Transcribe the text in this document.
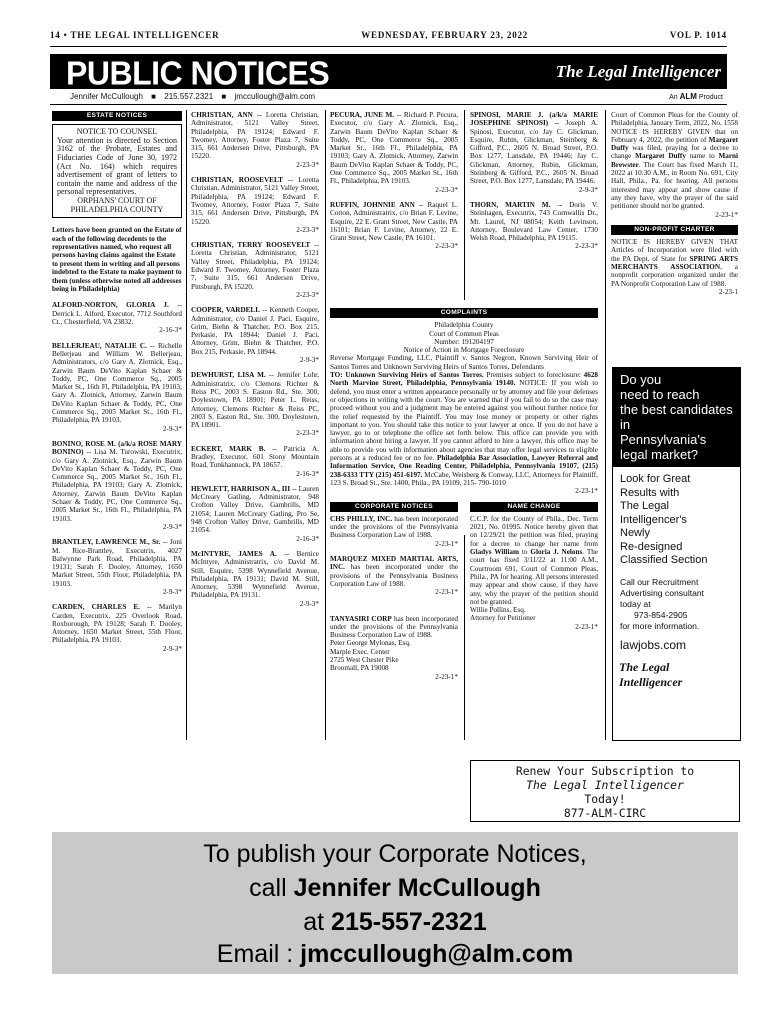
14 • THE LEGAL INTELLIGENCER	WEDNESDAY, FEBRUARY 23, 2022	VOL P. 1014
PUBLIC NOTICES	The Legal Intelligencer
Jennifer McCullough ■ 215.557.2321 ■ jmccullough@alm.com	An ALM Product
ESTATE NOTICES

NOTICE TO COUNSEL

Your attention is directed to Section 3162 of the Probate, Estates and Fiduciaries Code of June 30, 1972 (Act No. 164) which requires advertisement of grant of letters to contain the name and address of the personal representatives.

ORPHANS' COURT OF

PHILADELPHIA COUNTY

Letters have been granted on the Estate of each of the following decedents to the representatives named, who request all persons having claims against the Estate to present them in writing and all persons indebted to the Estate to make payment to them (unless otherwise noted all addresses being in Philadelphia)
ALFORD-NORTON, GLORIA J. -- Derrick L. Alford, Executor, 7712 Southford Ct., Chesterfield, VA 23832.
2-16-3*
BELLERJEAU, NATALIE C. -- Richelle Bellerjeau and William W. Bellerjeau, Administrators, c/o Gary A. Zlotnick, Esq., Zarwin Baum DeVito Kaplan Schaer & Toddy, PC, One Commerce Sq., 2005 Market St., 16th Fl, Philadelphia, PA 19103; Gary A. Zlotnick, Attorney, Zarwin Baum DeVito Kaplan Schaer & Toddy, PC, One Commerce Sq., 2005 Market St., 16th Fl., Philadelphia, PA 19103.
2-9-3*
BONINO, ROSE M. (a/k/a ROSE MARY BONINO) -- Lisa M. Turowski, Executrix, c/o Gary A. Zlotnick, Esq., Zarwin Baum DeVito Kaplan Schaer & Toddy, PC, One Commerce Sq., 2005 Market St., 16th Fl., Philadelphia, PA 19103; Gary A. Zlotnick, Attorney, Zarwin Baum DeVito Kaplan Schaer & Toddy, PC, One Commerce Sq., 2005 Market St., 16th Fl., Philadelphia, PA 19103.
2-9-3*
BRANTLEY, LAWRENCE M., Sr. -- Joni M. Rice-Brantley, Executrix, 4027 Balwynne Park Road, Philadelphia, PA 19131; Sarah F. Dooley, Attorney, 1650 Market Street, 55th Floor, Philadelphia, PA 19103.
2-9-3*
CARDEN, CHARLES E. -- Marilyn Carden, Executrix, 225 Overlook Road, Roxborough, PA 19128; Sarah F. Dooley, Attorney, 1650 Market Street, 55th Floor, Philadelphia, PA 19103.
2-9-3*
CHRISTIAN, ANN -- Loretta Christian, Administrator, 5121 Valley Street, Philadelphia, PA 19124; Edward F. Twomey, Attorney, Foster Plaza 7, Suite 315, 661 Andersen Drive, Pittsburgh, PA 15220.
2-23-3*
CHRISTIAN, ROOSEVELT -- Loretta Christian, Administrator, 5121 Valley Street, Philadelphia, PA 19124; Edward F. Twomey, Attorney, Foster Plaza 7, Suite 315, 661 Andersen Drive, Pittsburgh, PA 15220.
2-23-3*
CHRISTIAN, TERRY ROOSEVELT -- Loretta Christian, Administrator, 5121 Valley Street, Philadelphia, PA 19124; Edward F. Twomey, Attorney, Foster Plaza 7, Suite 315, 661 Andersen Drive, Pittsburgh, PA 15220.
2-23-3*
COOPER, VARDELL -- Kenneth Cooper, Administrator, c/o Daniel J. Paci, Esquire, Grim, Biehn & Thatcher, P.O. Box 215, Perkasie, PA 18944; Daniel J. Paci, Attorney, Grim, Biehn & Thatcher, P.O. Box 215, Perkasie, PA 18944.
2-9-3*
DEWHURST, LISA M. -- Jennifer Lohr, Administratrix, c/o Clemons Richter & Reiss PC, 2003 S. Easton Rd., Ste. 300, Doylestown, PA 18901; Peter L. Reiss, Attorney, Clemons Richter & Reiss PC, 2003 S. Easton Rd., Ste. 300, Doylestown, PA 18901.
2-23-3*
ECKERT, MARK B. -- Patricia A. Bradley, Executor, 601 Stony Mountain Road, Tunkhannock, PA 18657.
2-16-3*
HEWLETT, HARRISON A., III -- Lauren McCreary Gatling, Administrator, 948 Crofton Valley Drive, Gambrills, MD 21054; Lauren McCreary Gatling, Pro Se, 948 Crofton Valley Drive, Gambrills, MD 21054.
2-16-3*
McINTYRE, JAMES A. -- Bernice McIntyre, Administratrix, c/o David M. Still, Esquire, 5398 Wynnefield Avenue, Philadelphia, PA 19131; David M. Still, Attorney, 5398 Wynnefield Avenue, Philadelphia, PA 19131.
2-9-3*
PECURA, JUNE M. -- Richard P. Pecura, Executor, c/o Gary A. Zlotnick, Esq., Zarwin Baum DeVito Kaplan Schaer & Toddy, PC, One Commerce Sq., 2005 Market St., 16th Fl., Philadelphia, PA 19103; Gary A. Zlotnick, Attorney, Zarwin Baum DeVito Kaplan Schaer & Toddy, PC, One Commerce Sq., 2005 Market St., 16th Fl., Philadelphia, PA 19103.
2-23-3*
RUFFIN, JOHNNIE ANN -- Raquel L. Cotton, Administratrix, c/o Brian F. Levine, Esquire, 22 E. Grant Street, New Castle, PA 16101; Brian F. Levine, Attorney, 22 E. Grant Street, New Castle, PA 16101.
2-23-3*
SPINOSI, MARIE J. (a/k/a MARIE JOSEPHINE SPINOSI) -- Joseph A. Spinosi, Executor, c/o Jay C. Glickman, Esquire, Rubin, Glickman, Steinberg & Gifford, P.C., 2605 N. Broad Street, P.O. Box 1277, Lansdale, PA 19446; Jay C. Glickman, Attorney, Rubin, Glickman, Steinberg & Gifford, P.C., 2605 N. Broad Street, P.O. Box 1277, Lansdale, PA 19446.
2-9-3*
THORN, MARTIN M. -- Doris V. Steinhagen, Executrix, 743 Cornwallis Dr., Mt. Laurel, NJ 08054; Keith Levinson, Attorney, Boulevard Law Center, 1730 Welsh Road, Philadelphia, PA 19115.
2-23-3*
COMPLAINTS
Philadelphia County
Court of Common Pleas
Number: 191204197
Notice of Action in Mortgage Foreclosure
Reverse Mortgage Funding, LLC, Plaintiff v. Santos Negron, Known Surviving Heir of Santos Torres and Unknown Surviving Heirs of Santos Torres, Defendants
TO: Unknown Surviving Heirs of Santos Torres. Premises subject to foreclosure: 4628 North Marvine Street, Philadelphia, Pennsylvania 19140. NOTICE: If you wish to defend, you must enter a written appearance personally or by attorney and file your defenses or objections in writing with the court. You are warned that if you fail to do so the case may proceed without you and a judgment may be entered against you without further notice for the relief requested by the Plaintiff. You may lose money or property or other rights important to you. You should take this notice to your lawyer at once. If you do not have a lawyer, go to or telephone the office set forth below. This office can provide you with information about hiring a lawyer. If you cannot afford to hire a lawyer, this office may be able to provide you with information about agencies that may offer legal services to eligible persons at a reduced fee or no fee. Philadelphia Bar Association, Lawyer Referral and Information Service, One Reading Center, Philadelphia, Pennsylvania 19107, (215) 238-6333 TTY (215) 451-6197. McCabe, Weisberg & Conway, LLC, Attorneys for Plaintiff, 123 S. Broad St., Ste. 1400, Phila., PA 19109, 215- 790-1010
2-23-1*
CORPORATE NOTICES
CHS PHILLY, INC. has been incorporated under the provisions of the Pennsylvania Business Corporation Law of 1988.
2-23-1*
MARQUEZ MIXED MARTIAL ARTS, INC. has been incorporated under the provisions of the Pennsylvania Business Corporation Law of 1988.
2-23-1*
TANYASIRI CORP has been incorporated under the provisions of the Pennsylvania Business Corporation Law of 1988.
Peter George Mylonas, Esq.
Marple Exec. Center
2725 West Chester Pike
Broomall, PA 19008
2-23-1*
NAME CHANGE
C.C.P. for the County of Phila., Dec. Term 2021, No. 01995. Notice hereby given that on 12/29/21 the petition was filed, praying for a decree to change her name from Gladys William to Gloria J. Nelons. The court has fixed 3/11/22 at 11:00 A.M., Courtroom 691, Court of Common Pleas, Phila., PA for hearing. All persons interested may appear and show cause, if they have any, why the prayer of the petition should not be granted.
Willie Pollins, Esq.
Attorney for Petitioner
2-23-1*
Court of Common Pleas for the County of Philadelphia, January Term, 2022, No. 1558 NOTICE IS HEREBY GIVEN that on February 4, 2022, the petition of Margaret Duffy was filed, praying for a decree to change Margaret Duffy name to Marni Brewster. The Court has fixed March 11, 2022 at 10:30 A.M., in Room No. 691, City Hall, Phila., Pa. for hearing. All persons interested may appear and show cause if any they have, why the prayer of the said petitioner should not be granted.
2-23-1*
NON-PROFIT CHARTER
NOTICE IS HEREBY GIVEN THAT Articles of Incorporation were filed with the PA Dept. of State for SPRING ARTS MERCHANTS ASSOCIATION, a nonprofit corporation organized under the PA Nonprofit Corporation Law of 1988.
2-23-1
Do you
need to reach
the best candidates
in
Pennsylvania's
legal market?
Look for Great
Results with
The Legal
Intelligencer's
Newly
Re-designed
Classified Section
Call our Recruitment
Advertising consultant
today at
973-854-2905
for more information.
lawjobs.com
The Legal Intelligencer
Renew Your Subscription to
The Legal Intelligencer
Today!
877-ALM-CIRC
To publish your Corporate Notices,
call Jennifer McCullough
at 215-557-2321
Email : jmccullough@alm.com
